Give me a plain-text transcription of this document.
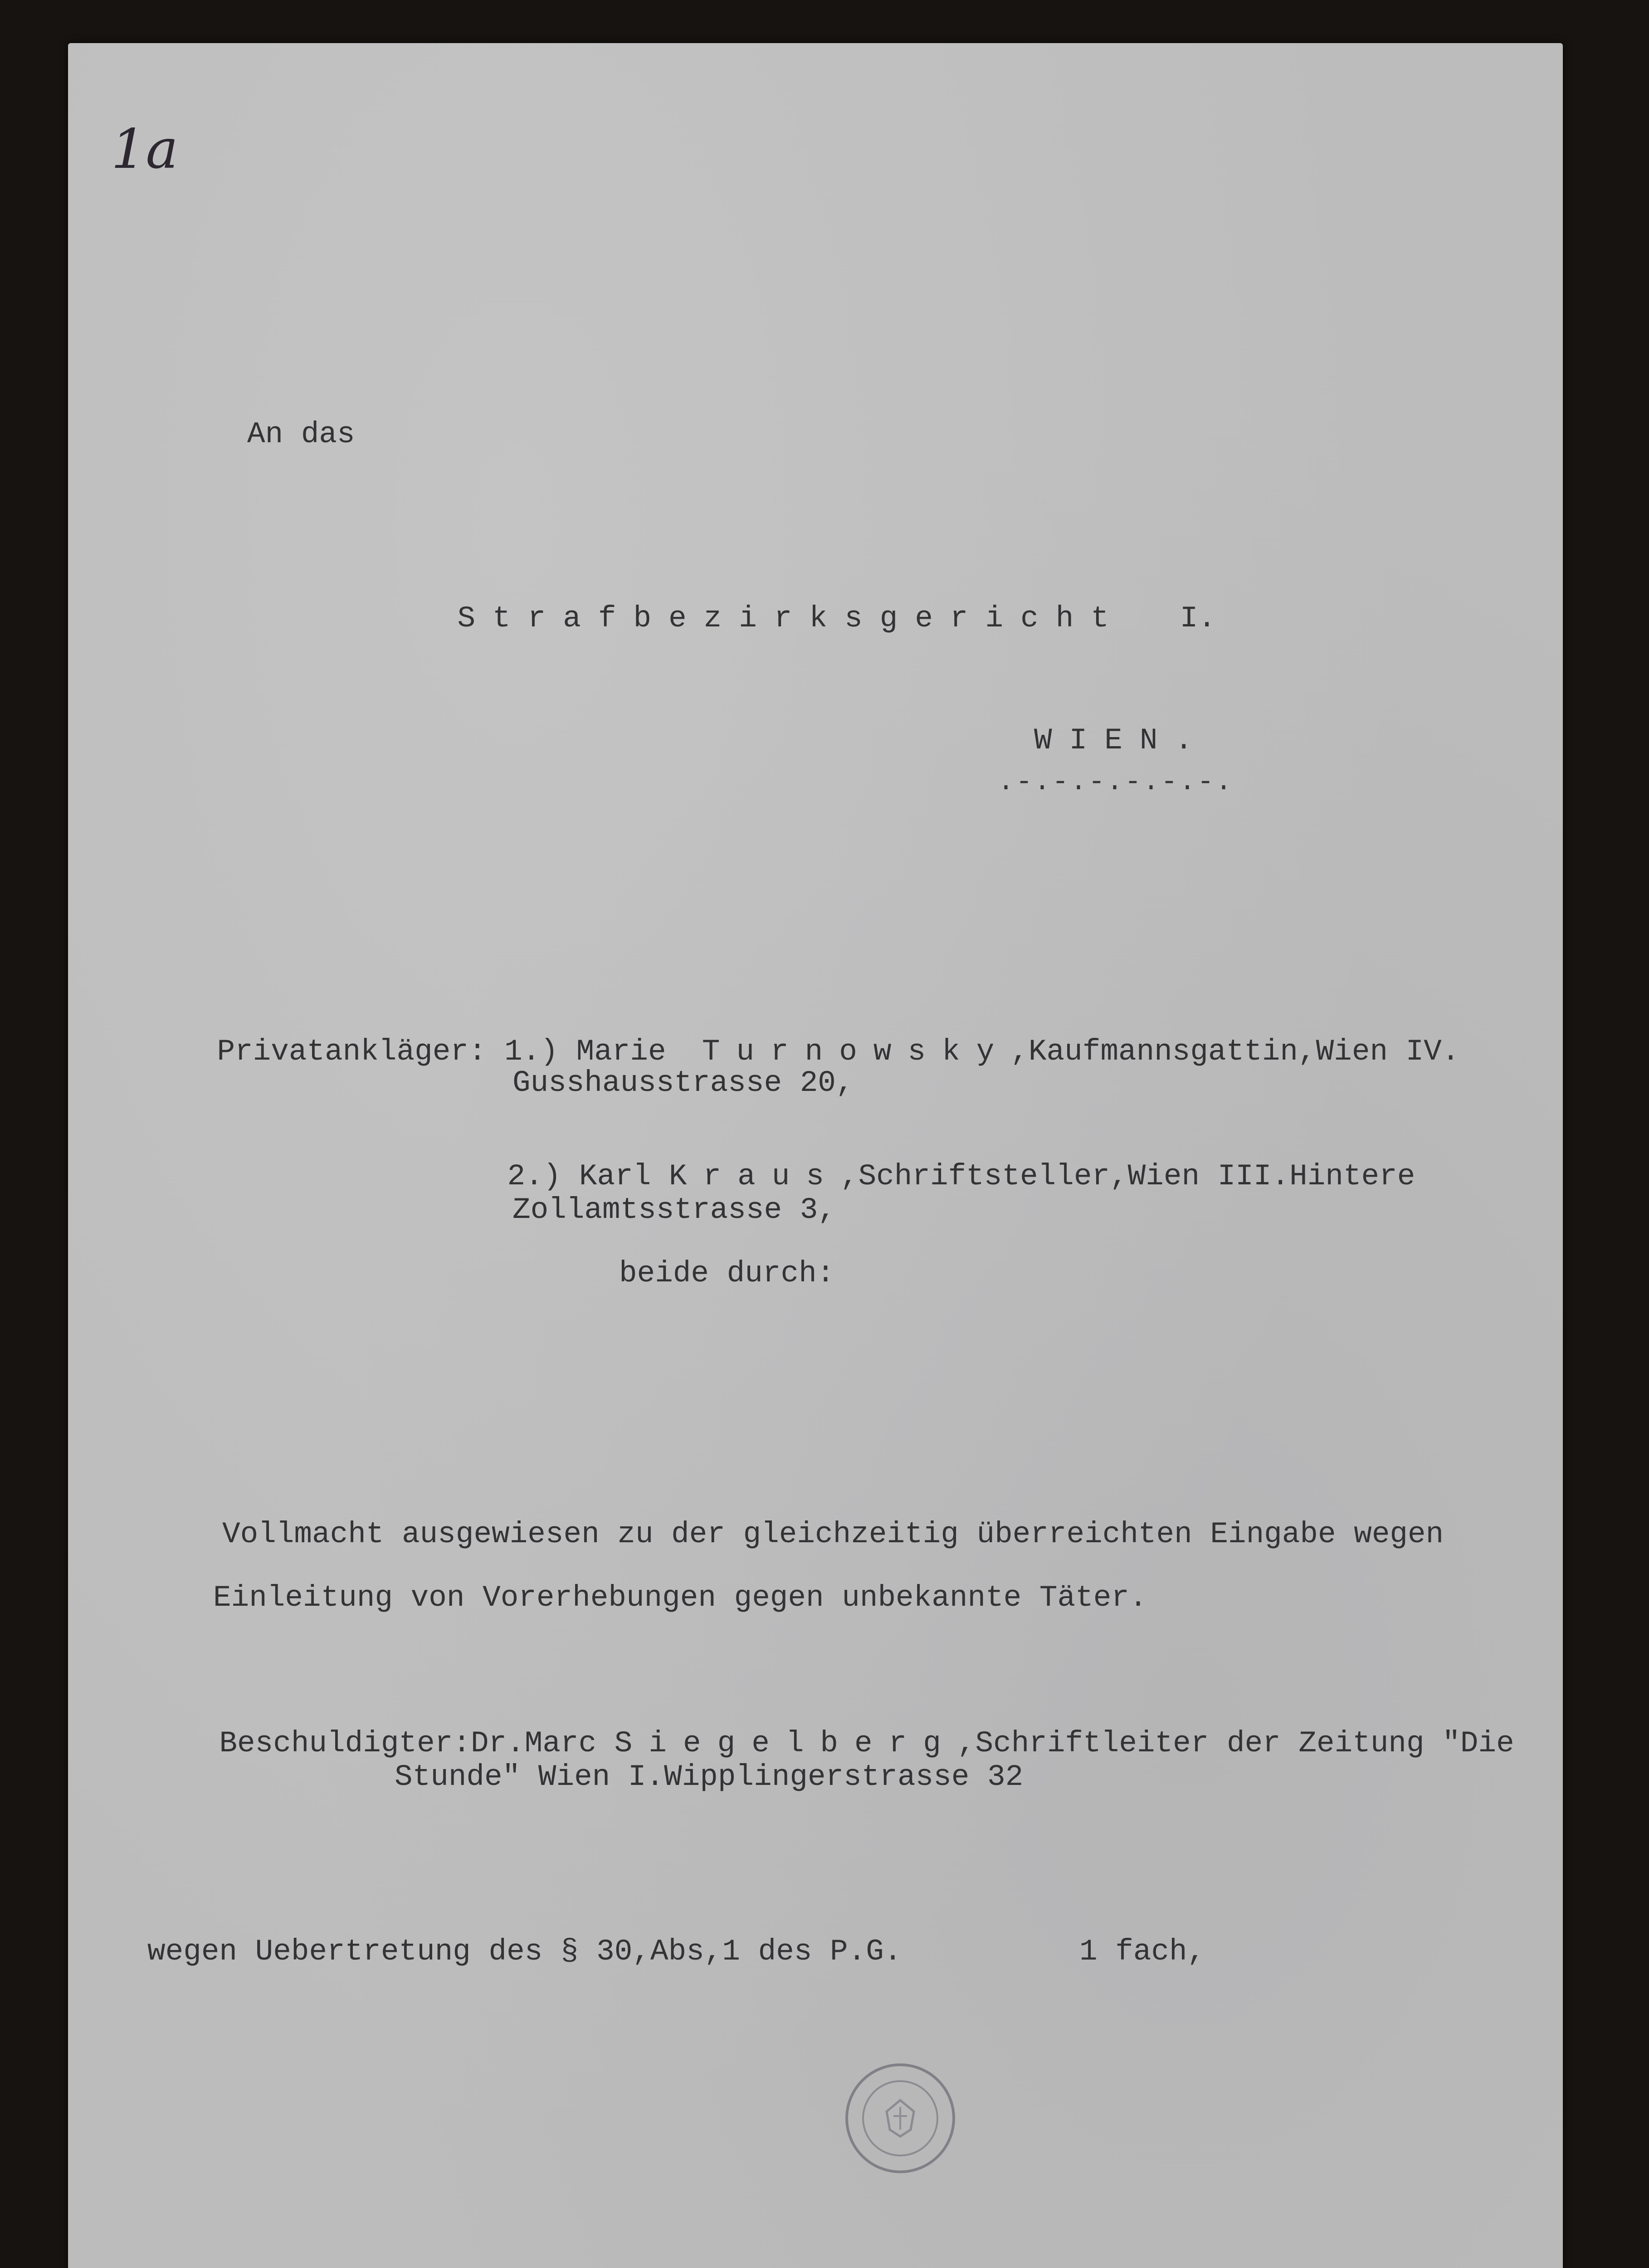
1a
An das

Strafbezirksgericht I.

WIEN.
.-.-.-.-.-.-.

Privatankläger: 1.) Marie Turnowsky,Kaufmannsgattin,Wien IV.

Gusshausstrasse 20,

2.) Karl Kraus,Schriftsteller,Wien III.Hintere

Zollamtsstrasse 3,
beide durch:
Vollmacht ausgewiesen zu der gleichzeitig überreichten Eingabe wegen
Einleitung von Vorerhebungen gegen unbekannte Täter.

Beschuldigter:Dr.Marc Siegelberg,Schriftleiter der Zeitung "Die

Stunde" Wien I.Wipplingerstrasse 32
wegen Uebertretung des § 30,Abs,1 des P.G.	1 fach,
